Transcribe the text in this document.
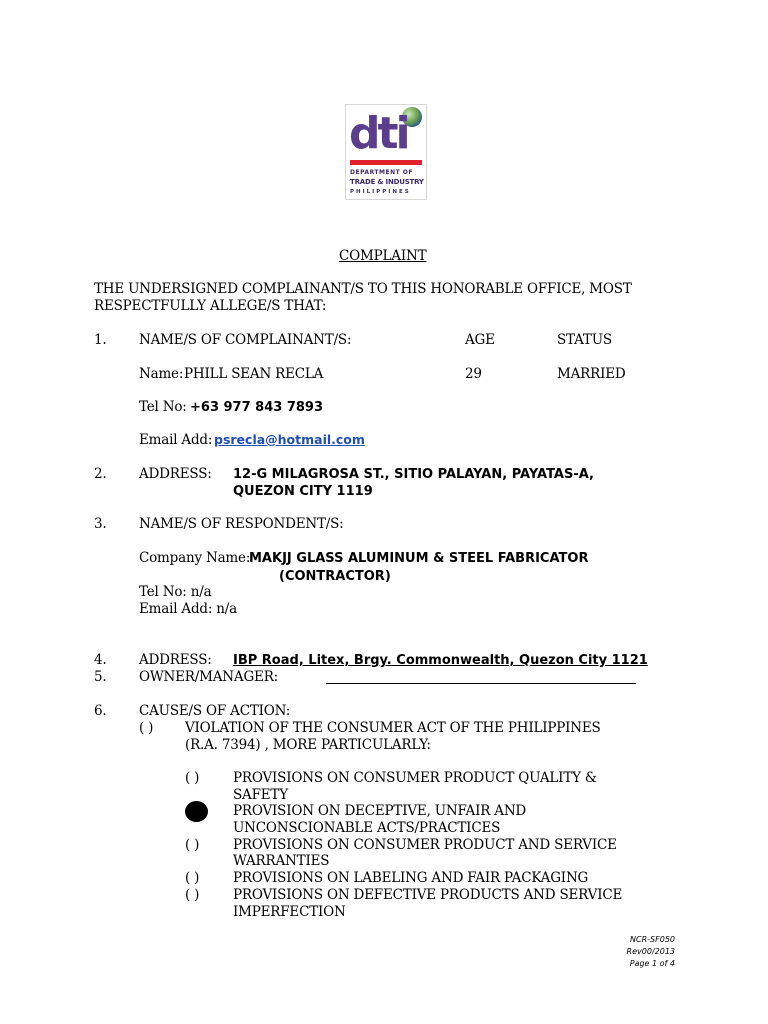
dti
DEPARTMENT OF
TRADE & INDUSTRY
PHILIPPINES
COMPLAINT
THE UNDERSIGNED COMPLAINANT/S TO THIS HONORABLE OFFICE, MOST
RESPECTFULLY ALLEGE/S THAT:
1. NAME/S OF COMPLAINANT/S:	AGE	STATUS
Name: PHILL SEAN RECLA	29	MARRIED
Tel No: +63 977 843 7893
Email Add: psrecla@hotmail.com
2. ADDRESS: 12-G MILAGROSA ST., SITIO PALAYAN, PAYATAS-A,
QUEZON CITY 1119
3. NAME/S OF RESPONDENT/S:
Company Name:
MAKJJ GLASS ALUMINUM & STEEL FABRICATOR
(CONTRACTOR)
Tel No: n/a
Email Add: n/a
4. ADDRESS: IBP Road, Litex, Brgy. Commonwealth, Quezon City 1121
5. OWNER/MANAGER:
6. CAUSE/S OF ACTION:
( ) VIOLATION OF THE CONSUMER ACT OF THE PHILIPPINES
(R.A. 7394) , MORE PARTICULARLY:
( )	PROVISIONS ON CONSUMER PRODUCT QUALITY &
SAFETY
PROVISION ON DECEPTIVE, UNFAIR AND
UNCONSCIONABLE ACTS/PRACTICES
( )	PROVISIONS ON CONSUMER PRODUCT AND SERVICE
WARRANTIES
( )	PROVISIONS ON LABELING AND FAIR PACKAGING
( )	PROVISIONS ON DEFECTIVE PRODUCTS AND SERVICE
IMPERFECTION
NCR-SF050
Rev00/2013
Page 1 of 4
